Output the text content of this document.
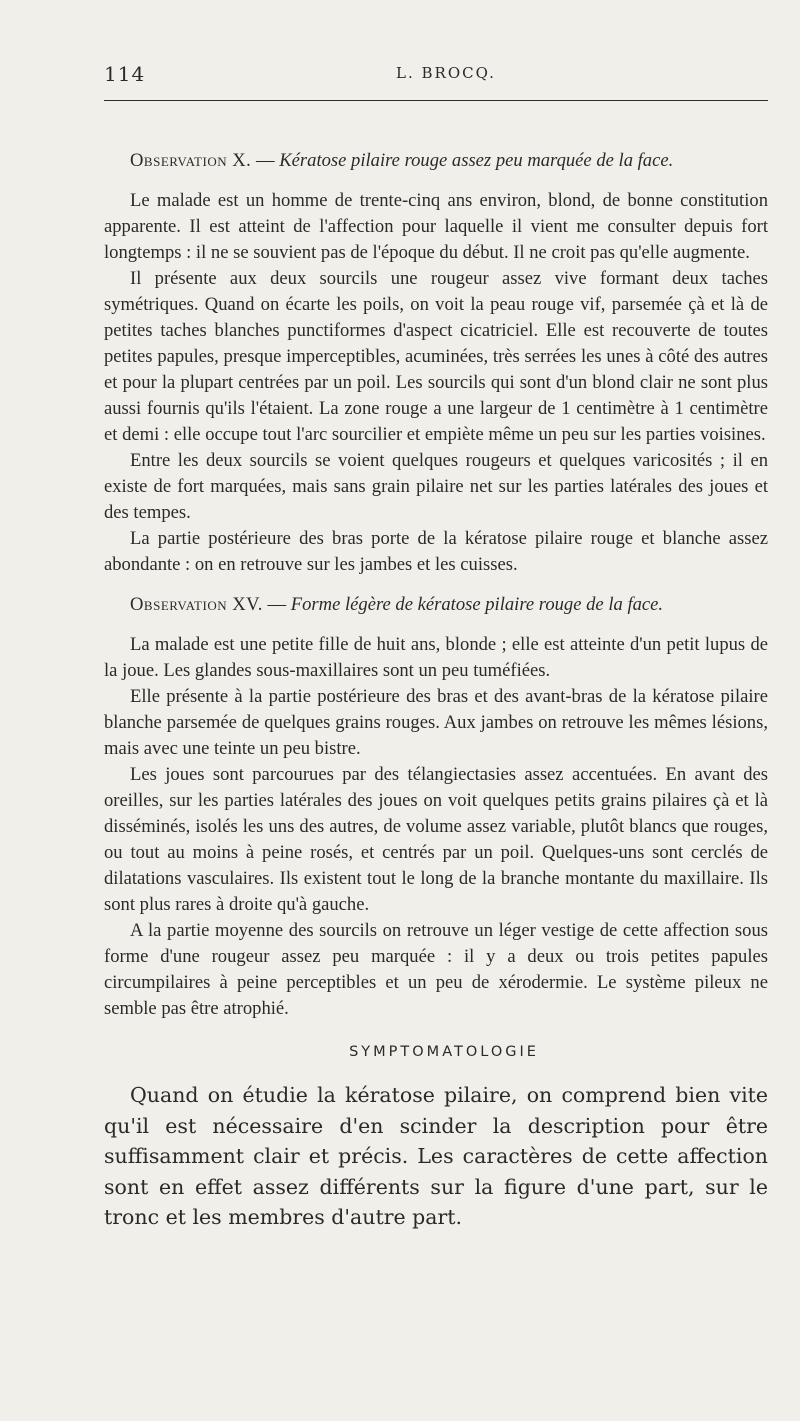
114	L. BROCQ.

Observation X. — Kératose pilaire rouge assez peu marquée de la face.

Le malade est un homme de trente-cinq ans environ, blond, de bonne constitution apparente. Il est atteint de l'affection pour laquelle il vient me consulter depuis fort longtemps : il ne se souvient pas de l'époque du début. Il ne croit pas qu'elle augmente.

Il présente aux deux sourcils une rougeur assez vive formant deux taches symétriques. Quand on écarte les poils, on voit la peau rouge vif, parsemée çà et là de petites taches blanches punctiformes d'aspect cicatriciel. Elle est recouverte de toutes petites papules, presque imperceptibles, acuminées, très serrées les unes à côté des autres et pour la plupart centrées par un poil. Les sourcils qui sont d'un blond clair ne sont plus aussi fournis qu'ils l'étaient. La zone rouge a une largeur de 1 centimètre à 1 centimètre et demi : elle occupe tout l'arc sourcilier et empiète même un peu sur les parties voisines.

Entre les deux sourcils se voient quelques rougeurs et quelques varicosités ; il en existe de fort marquées, mais sans grain pilaire net sur les parties latérales des joues et des tempes.

La partie postérieure des bras porte de la kératose pilaire rouge et blanche assez abondante : on en retrouve sur les jambes et les cuisses.

Observation XV. — Forme légère de kératose pilaire rouge de la face.

La malade est une petite fille de huit ans, blonde ; elle est atteinte d'un petit lupus de la joue. Les glandes sous-maxillaires sont un peu tuméfiées.

Elle présente à la partie postérieure des bras et des avant-bras de la kératose pilaire blanche parsemée de quelques grains rouges. Aux jambes on retrouve les mêmes lésions, mais avec une teinte un peu bistre.

Les joues sont parcourues par des télangiectasies assez accentuées. En avant des oreilles, sur les parties latérales des joues on voit quelques petits grains pilaires çà et là disséminés, isolés les uns des autres, de volume assez variable, plutôt blancs que rouges, ou tout au moins à peine rosés, et centrés par un poil. Quelques-uns sont cerclés de dilatations vasculaires. Ils existent tout le long de la branche montante du maxillaire. Ils sont plus rares à droite qu'à gauche.

A la partie moyenne des sourcils on retrouve un léger vestige de cette affection sous forme d'une rougeur assez peu marquée : il y a deux ou trois petites papules circumpilaires à peine perceptibles et un peu de xérodermie. Le système pileux ne semble pas être atrophié.

SYMPTOMATOLOGIE

Quand on étudie la kératose pilaire, on comprend bien vite qu'il est nécessaire d'en scinder la description pour être suffisamment clair et précis. Les caractères de cette affection sont en effet assez différents sur la figure d'une part, sur le tronc et les membres d'autre part.
